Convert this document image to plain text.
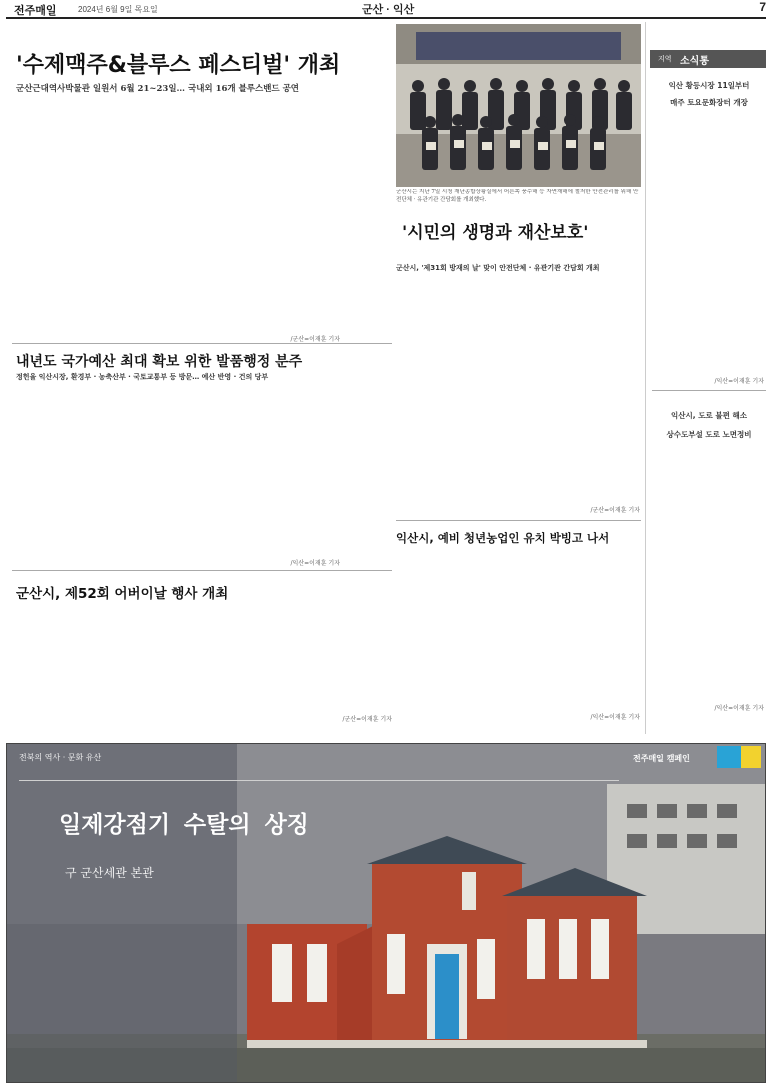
전주매일	2024년 6월 9일 목요일	군산 · 익산	7
'수제맥주&블루스 페스티벌' 개최
군산근대역사박물관 일원서 6월 21~23일… 국내외 16개 블루스밴드 공연
/군산=이재훈 기자
내년도 국가예산 최대 확보 위한 발품행정 분주
정헌율 익산시장, 환경부 · 농축산부 · 국토교통부 등 방문… 예산 반영 · 건의 당부
/익산=이재훈 기자
군산시, 제52회 어버이날 행사 개최
/군산=이재훈 기자
군산시는 지난 7일 시청 재난종합상황실에서 어른쪽 풍수해 등 자연재해에 철저한 안전관리를 위해 안전단체 · 유관기관 간담회를 개최했다.
'시민의 생명과 재산보호'
군산시, '제31회 방재의 날' 맞이 안전단체 · 유관기관 간담회 개최
/군산=이재훈 기자
익산시, 예비 청년농업인 유치 박빙고 나서
/익산=이재훈 기자
지역 소식통
익산 황등시장 11일부터
매주 토요문화장터 개장
/익산=이재훈 기자
익산시, 도로 불편 해소
상수도부설 도로 노면정비
/익산=이재훈 기자
전북의 역사 · 문화 유산	전주매일 캠페인
일제강점기 수탈의 상징
구 군산세관 본관
